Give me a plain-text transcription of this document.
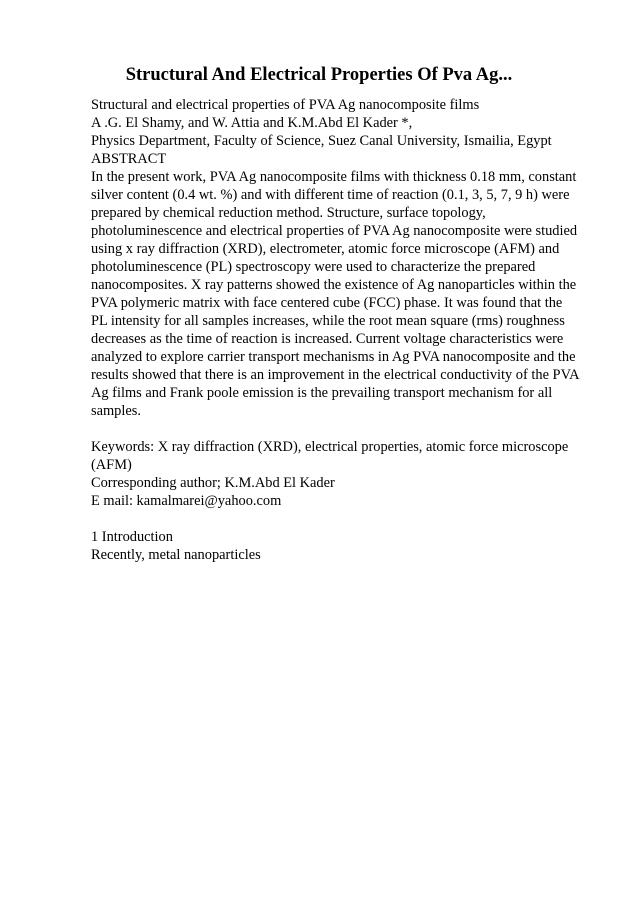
Structural And Electrical Properties Of Pva Ag...
Structural and electrical properties of PVA Ag nanocomposite films
A .G. El Shamy, and W. Attia and K.M.Abd El Kader *,
Physics Department, Faculty of Science, Suez Canal University, Ismailia, Egypt
ABSTRACT
In the present work, PVA Ag nanocomposite films with thickness 0.18 mm, constant
silver content (0.4 wt. %) and with different time of reaction (0.1, 3, 5, 7, 9 h) were
prepared by chemical reduction method. Structure, surface topology,
photoluminescence and electrical properties of PVA Ag nanocomposite were studied
using x ray diffraction (XRD), electrometer, atomic force microscope (AFM) and
photoluminescence (PL) spectroscopy were used to characterize the prepared
nanocomposites. X ray patterns showed the existence of Ag nanoparticles within the
PVA polymeric matrix with face centered cube (FCC) phase. It was found that the
PL intensity for all samples increases, while the root mean square (rms) roughness
decreases as the time of reaction is increased. Current voltage characteristics were
analyzed to explore carrier transport mechanisms in Ag PVA nanocomposite and the
results showed that there is an improvement in the electrical conductivity of the PVA
Ag films and Frank poole emission is the prevailing transport mechanism for all
samples.
Keywords: X ray diffraction (XRD), electrical properties, atomic force microscope
(AFM)
Corresponding author; K.M.Abd El Kader
E mail: kamalmarei@yahoo.com
1 Introduction
Recently, metal nanoparticles
